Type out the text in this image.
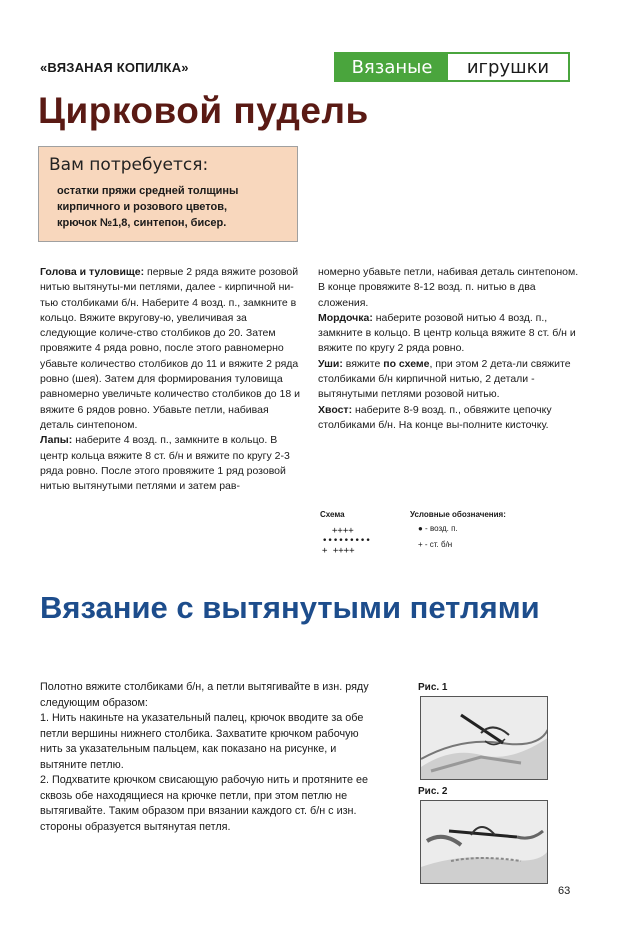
«ВЯЗАНАЯ КОПИЛКА»	Вязаные	игрушки
Цирковой пудель
Вам потребуется:
остатки пряжи средней толщины
кирпичного и розового цветов,
крючок №1,8, синтепон, бисер.

Голова и туловище: первые 2 ряда вяжите розовой нитью вытянуты-ми петлями, далее - кирпичной ни-тью столбиками б/н. Наберите 4 возд. п., замкните в кольцо. Вяжите вкругову-ю, увеличивая за следующие количе-ство столбиков до 20. Затем провяжите 4 ряда ровно, после этого равномерно убавьте количество столбиков до 11 и вяжите 2 ряда ровно (шея). Затем для формирования туловища равномерно увеличьте количество столбиков до 18 и вяжите 6 рядов ровно. Убавьте петли, набивая деталь синтепоном.

Лапы: наберите 4 возд. п., замкните в кольцо. В центр кольца вяжите 8 ст. б/н и вяжите по кругу 2-3 ряда ровно. После этого провяжите 1 ряд розовой нитью вытянутыми петлями и затем рав-

номерно убавьте петли, набивая деталь синтепоном. В конце провяжите 8-12 возд. п. нитью в два сложения.

Мордочка: наберите розовой нитью 4 возд. п., замкните в кольцо. В центр кольца вяжите 8 ст. б/н и вяжите по кругу 2 ряда ровно.

Уши: вяжите по схеме, при этом 2 дета-ли свяжите столбиками б/н кирпичной нитью, 2 детали - вытянутыми петлями розовой нитью.

Хвост: наберите 8-9 возд. п., обвяжите цепочку столбиками б/н. На конце вы-полните кисточку.

Схема
++++
•••••••••
+ ++++
Условные обозначения:
● - возд. п.
+ - ст. б/н
Вязание с вытянутыми петлями

Полотно вяжите столбиками б/н, а петли вытягивайте в изн. ряду следующим образом:

1. Нить накиньте на указательный палец, крючок вводите за обе петли вершины нижнего столбика. Захватите крючком рабочую нить за указательным пальцем, как показано на рисунке, и вытяните петлю.

2. Подхватите крючком свисающую рабочую нить и протяните ее сквозь обе находящиеся на крючке петли, при этом петлю не вытягивайте. Таким образом при вязании каждого ст. б/н с изн. стороны образуется вытянутая петля.

Рис. 1
Рис. 2
63
